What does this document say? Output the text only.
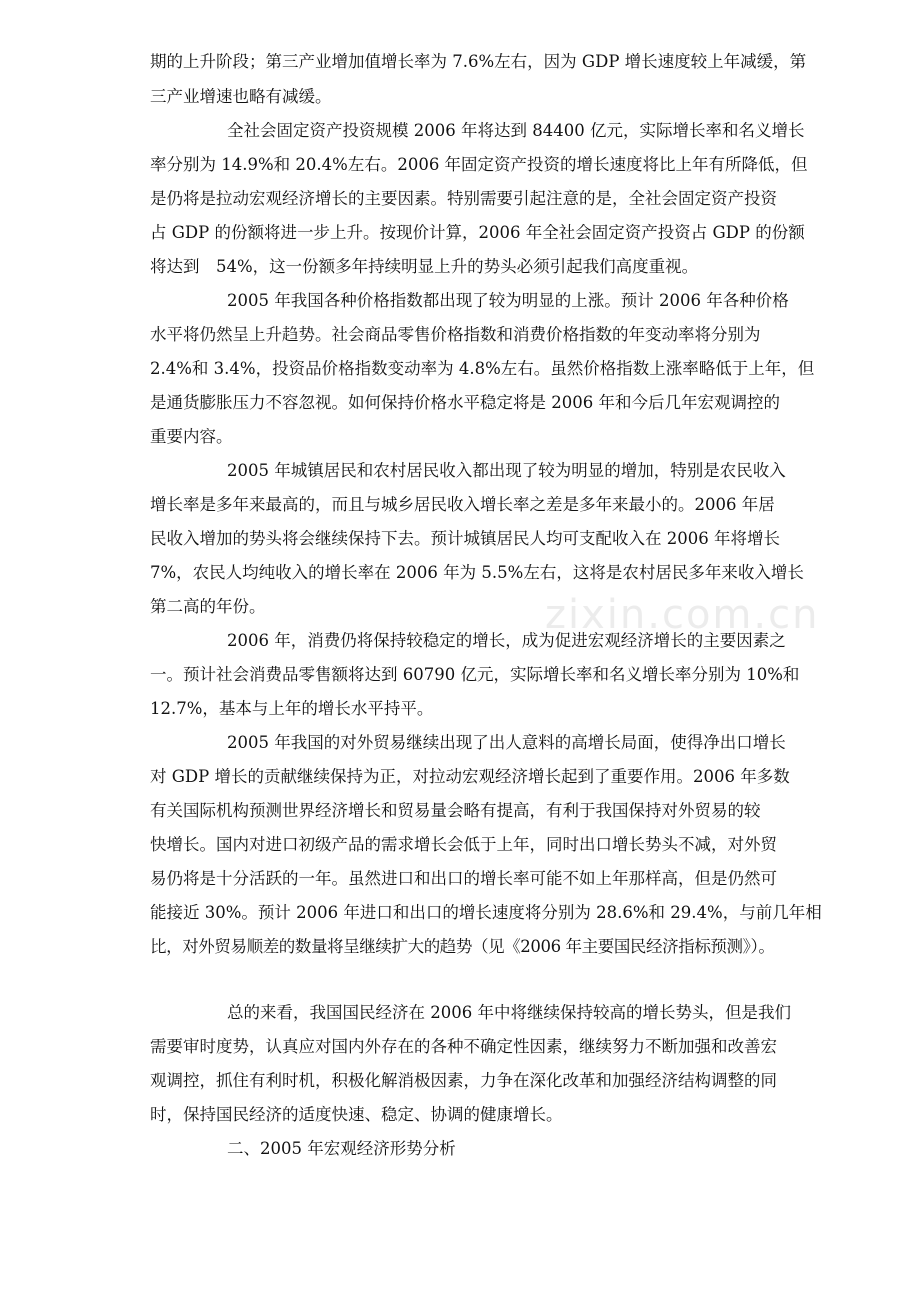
zixin.com.cn
期的上升阶段；第三产业增加值增长率为 7.6%左右，因为 GDP 增长速度较上年减缓，第
三产业增速也略有减缓。
全社会固定资产投资规模 2006 年将达到 84400 亿元，实际增长率和名义增长
率分别为 14.9%和 20.4%左右。2006 年固定资产投资的增长速度将比上年有所降低，但
是仍将是拉动宏观经济增长的主要因素。特别需要引起注意的是，全社会固定资产投资
占 GDP 的份额将进一步上升。按现价计算，2006 年全社会固定资产投资占 GDP 的份额
将达到　54%，这一份额多年持续明显上升的势头必须引起我们高度重视。
2005 年我国各种价格指数都出现了较为明显的上涨。预计 2006 年各种价格
水平将仍然呈上升趋势。社会商品零售价格指数和消费价格指数的年变动率将分别为
2.4%和 3.4%，投资品价格指数变动率为 4.8%左右。虽然价格指数上涨率略低于上年，但
是通货膨胀压力不容忽视。如何保持价格水平稳定将是 2006 年和今后几年宏观调控的
重要内容。
2005 年城镇居民和农村居民收入都出现了较为明显的增加，特别是农民收入
增长率是多年来最高的，而且与城乡居民收入增长率之差是多年来最小的。2006 年居
民收入增加的势头将会继续保持下去。预计城镇居民人均可支配收入在 2006 年将增长
7%，农民人均纯收入的增长率在 2006 年为 5.5%左右，这将是农村居民多年来收入增长
第二高的年份。
2006 年，消费仍将保持较稳定的增长，成为促进宏观经济增长的主要因素之
一。预计社会消费品零售额将达到 60790 亿元，实际增长率和名义增长率分别为 10%和
12.7%，基本与上年的增长水平持平。
2005 年我国的对外贸易继续出现了出人意料的高增长局面，使得净出口增长
对 GDP 增长的贡献继续保持为正，对拉动宏观经济增长起到了重要作用。2006 年多数
有关国际机构预测世界经济增长和贸易量会略有提高，有利于我国保持对外贸易的较
快增长。国内对进口初级产品的需求增长会低于上年，同时出口增长势头不减，对外贸
易仍将是十分活跃的一年。虽然进口和出口的增长率可能不如上年那样高，但是仍然可
能接近 30%。预计 2006 年进口和出口的增长速度将分别为 28.6%和 29.4%，与前几年相
比，对外贸易顺差的数量将呈继续扩大的趋势（见《2006 年主要国民经济指标预测》）。
总的来看，我国国民经济在 2006 年中将继续保持较高的增长势头，但是我们
需要审时度势，认真应对国内外存在的各种不确定性因素，继续努力不断加强和改善宏
观调控，抓住有利时机，积极化解消极因素，力争在深化改革和加强经济结构调整的同
时，保持国民经济的适度快速、稳定、协调的健康增长。
二、2005 年宏观经济形势分析
